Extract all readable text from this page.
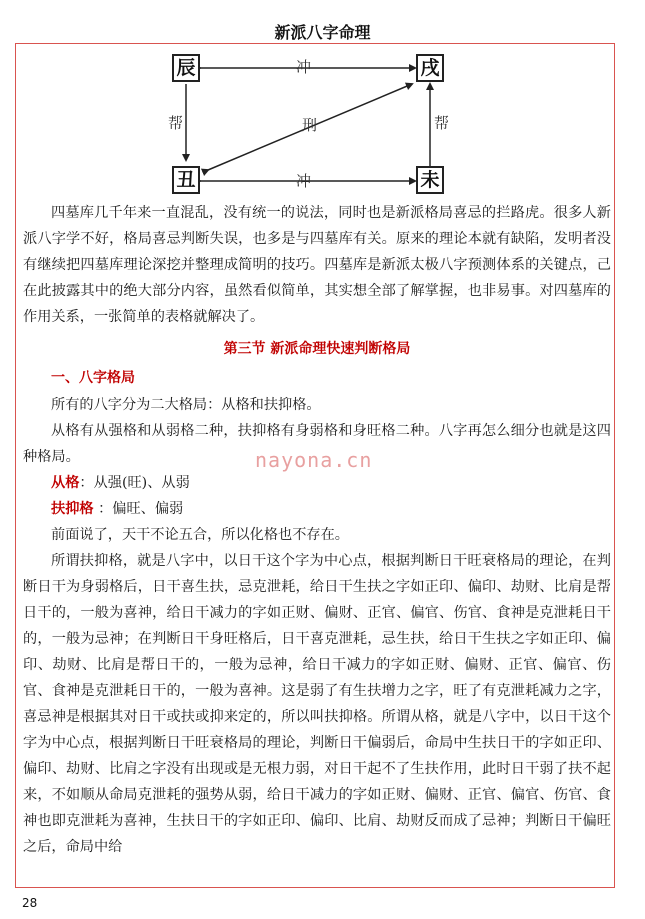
新派八字命理
辰	戌
丑	未
冲
冲
刑
帮	帮

四墓库几千年来一直混乱，没有统一的说法，同时也是新派格局喜忌的拦路虎。很多人新派八字学不好，格局喜忌判断失误，也多是与四墓库有关。原来的理论本就有缺陷，发明者没有继续把四墓库理论深挖并整理成简明的技巧。四墓库是新派太极八字预测体系的关键点，己在此披露其中的绝大部分内容，虽然看似简单，其实想全部了解掌握，也非易事。对四墓库的作用关系，一张简单的表格就解决了。

第三节 新派命理快速判断格局
一、八字格局

所有的八字分为二大格局：从格和扶抑格。

从格有从强格和从弱格二种，扶抑格有身弱格和身旺格二种。八字再怎么细分也就是这四种格局。

从格：从强(旺)、从弱

扶抑格 ：偏旺、偏弱

前面说了，天干不论五合，所以化格也不存在。

所谓扶抑格，就是八字中，以日干这个字为中心点，根据判断日干旺衰格局的理论，在判断日干为身弱格后，日干喜生扶，忌克泄耗，给日干生扶之字如正印、偏印、劫财、比肩是帮日干的，一般为喜神，给日干减力的字如正财、偏财、正官、偏官、伤官、食神是克泄耗日干的，一般为忌神；在判断日干身旺格后，日干喜克泄耗，忌生扶，给日干生扶之字如正印、偏印、劫财、比肩是帮日干的，一般为忌神，给日干减力的字如正财、偏财、正官、偏官、伤官、食神是克泄耗日干的，一般为喜神。这是弱了有生扶增力之字，旺了有克泄耗减力之字，喜忌神是根据其对日干或扶或抑来定的，所以叫扶抑格。所谓从格，就是八字中，以日干这个字为中心点，根据判断日干旺衰格局的理论，判断日干偏弱后，命局中生扶日干的字如正印、偏印、劫财、比肩之字没有出现或是无根力弱，对日干起不了生扶作用，此时日干弱了扶不起来，不如顺从命局克泄耗的强势从弱，给日干减力的字如正财、偏财、正官、偏官、伤官、食神也即克泄耗为喜神，生扶日干的字如正印、偏印、比肩、劫财反而成了忌神；判断日干偏旺之后，命局中给

nayona.cn
28
